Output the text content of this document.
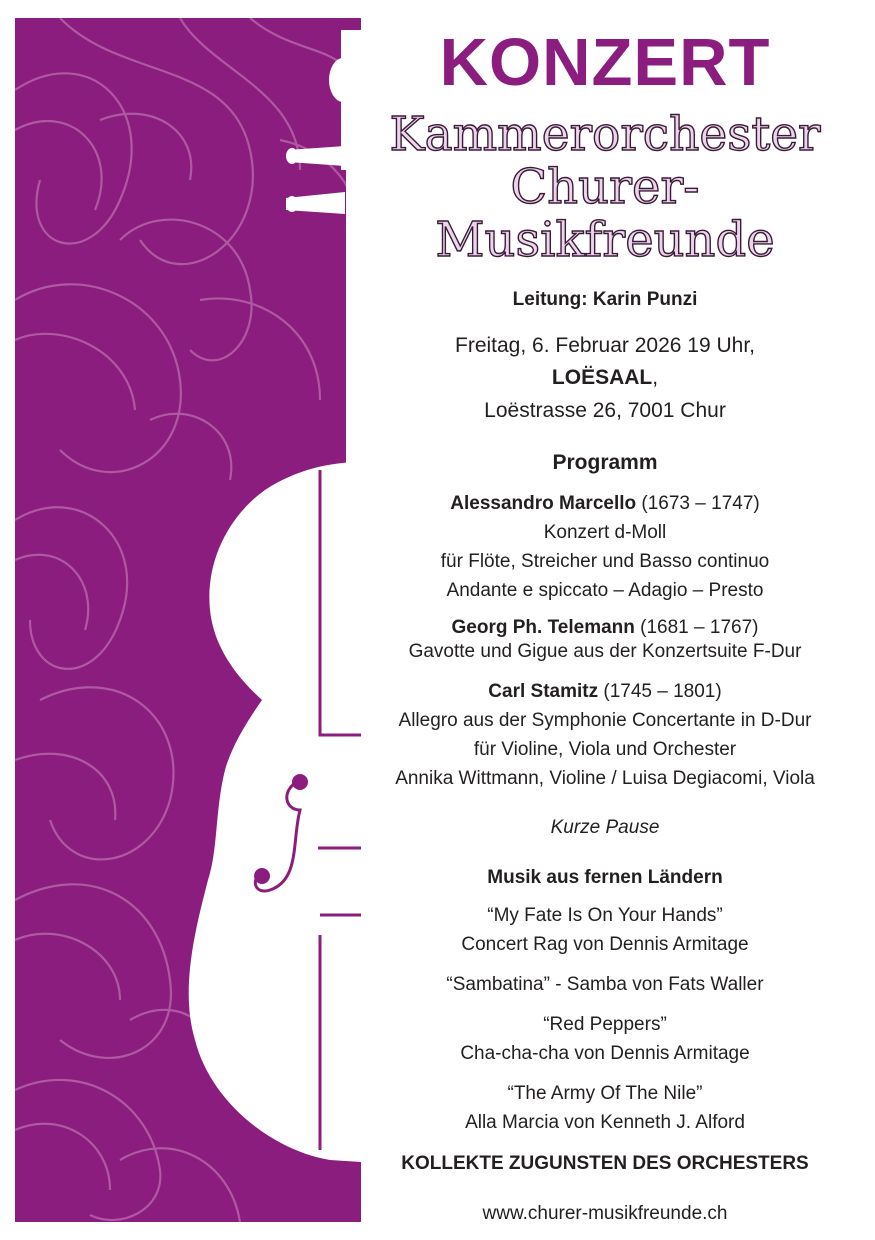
KONZERT
Kammerorchester
Churer-
Musikfreunde
Leitung: Karin Punzi
Freitag, 6. Februar 2026 19 Uhr,
LOËSAAL,
Loëstrasse 26, 7001 Chur
Programm
Alessandro Marcello (1673 – 1747)
Konzert d-Moll
für Flöte, Streicher und Basso continuo
Andante e spiccato – Adagio – Presto
Georg Ph. Telemann (1681 – 1767)
Gavotte und Gigue aus der Konzertsuite F-Dur
Carl Stamitz (1745 – 1801)
Allegro aus der Symphonie Concertante in D-Dur
für Violine, Viola und Orchester
Annika Wittmann, Violine / Luisa Degiacomi, Viola
Kurze Pause
Musik aus fernen Ländern
“My Fate Is On Your Hands”
Concert Rag von Dennis Armitage
“Sambatina” - Samba von Fats Waller
“Red Peppers”
Cha-cha-cha von Dennis Armitage
“The Army Of The Nile”
Alla Marcia von Kenneth J. Alford
KOLLEKTE ZUGUNSTEN DES ORCHESTERS
www.churer-musikfreunde.ch
